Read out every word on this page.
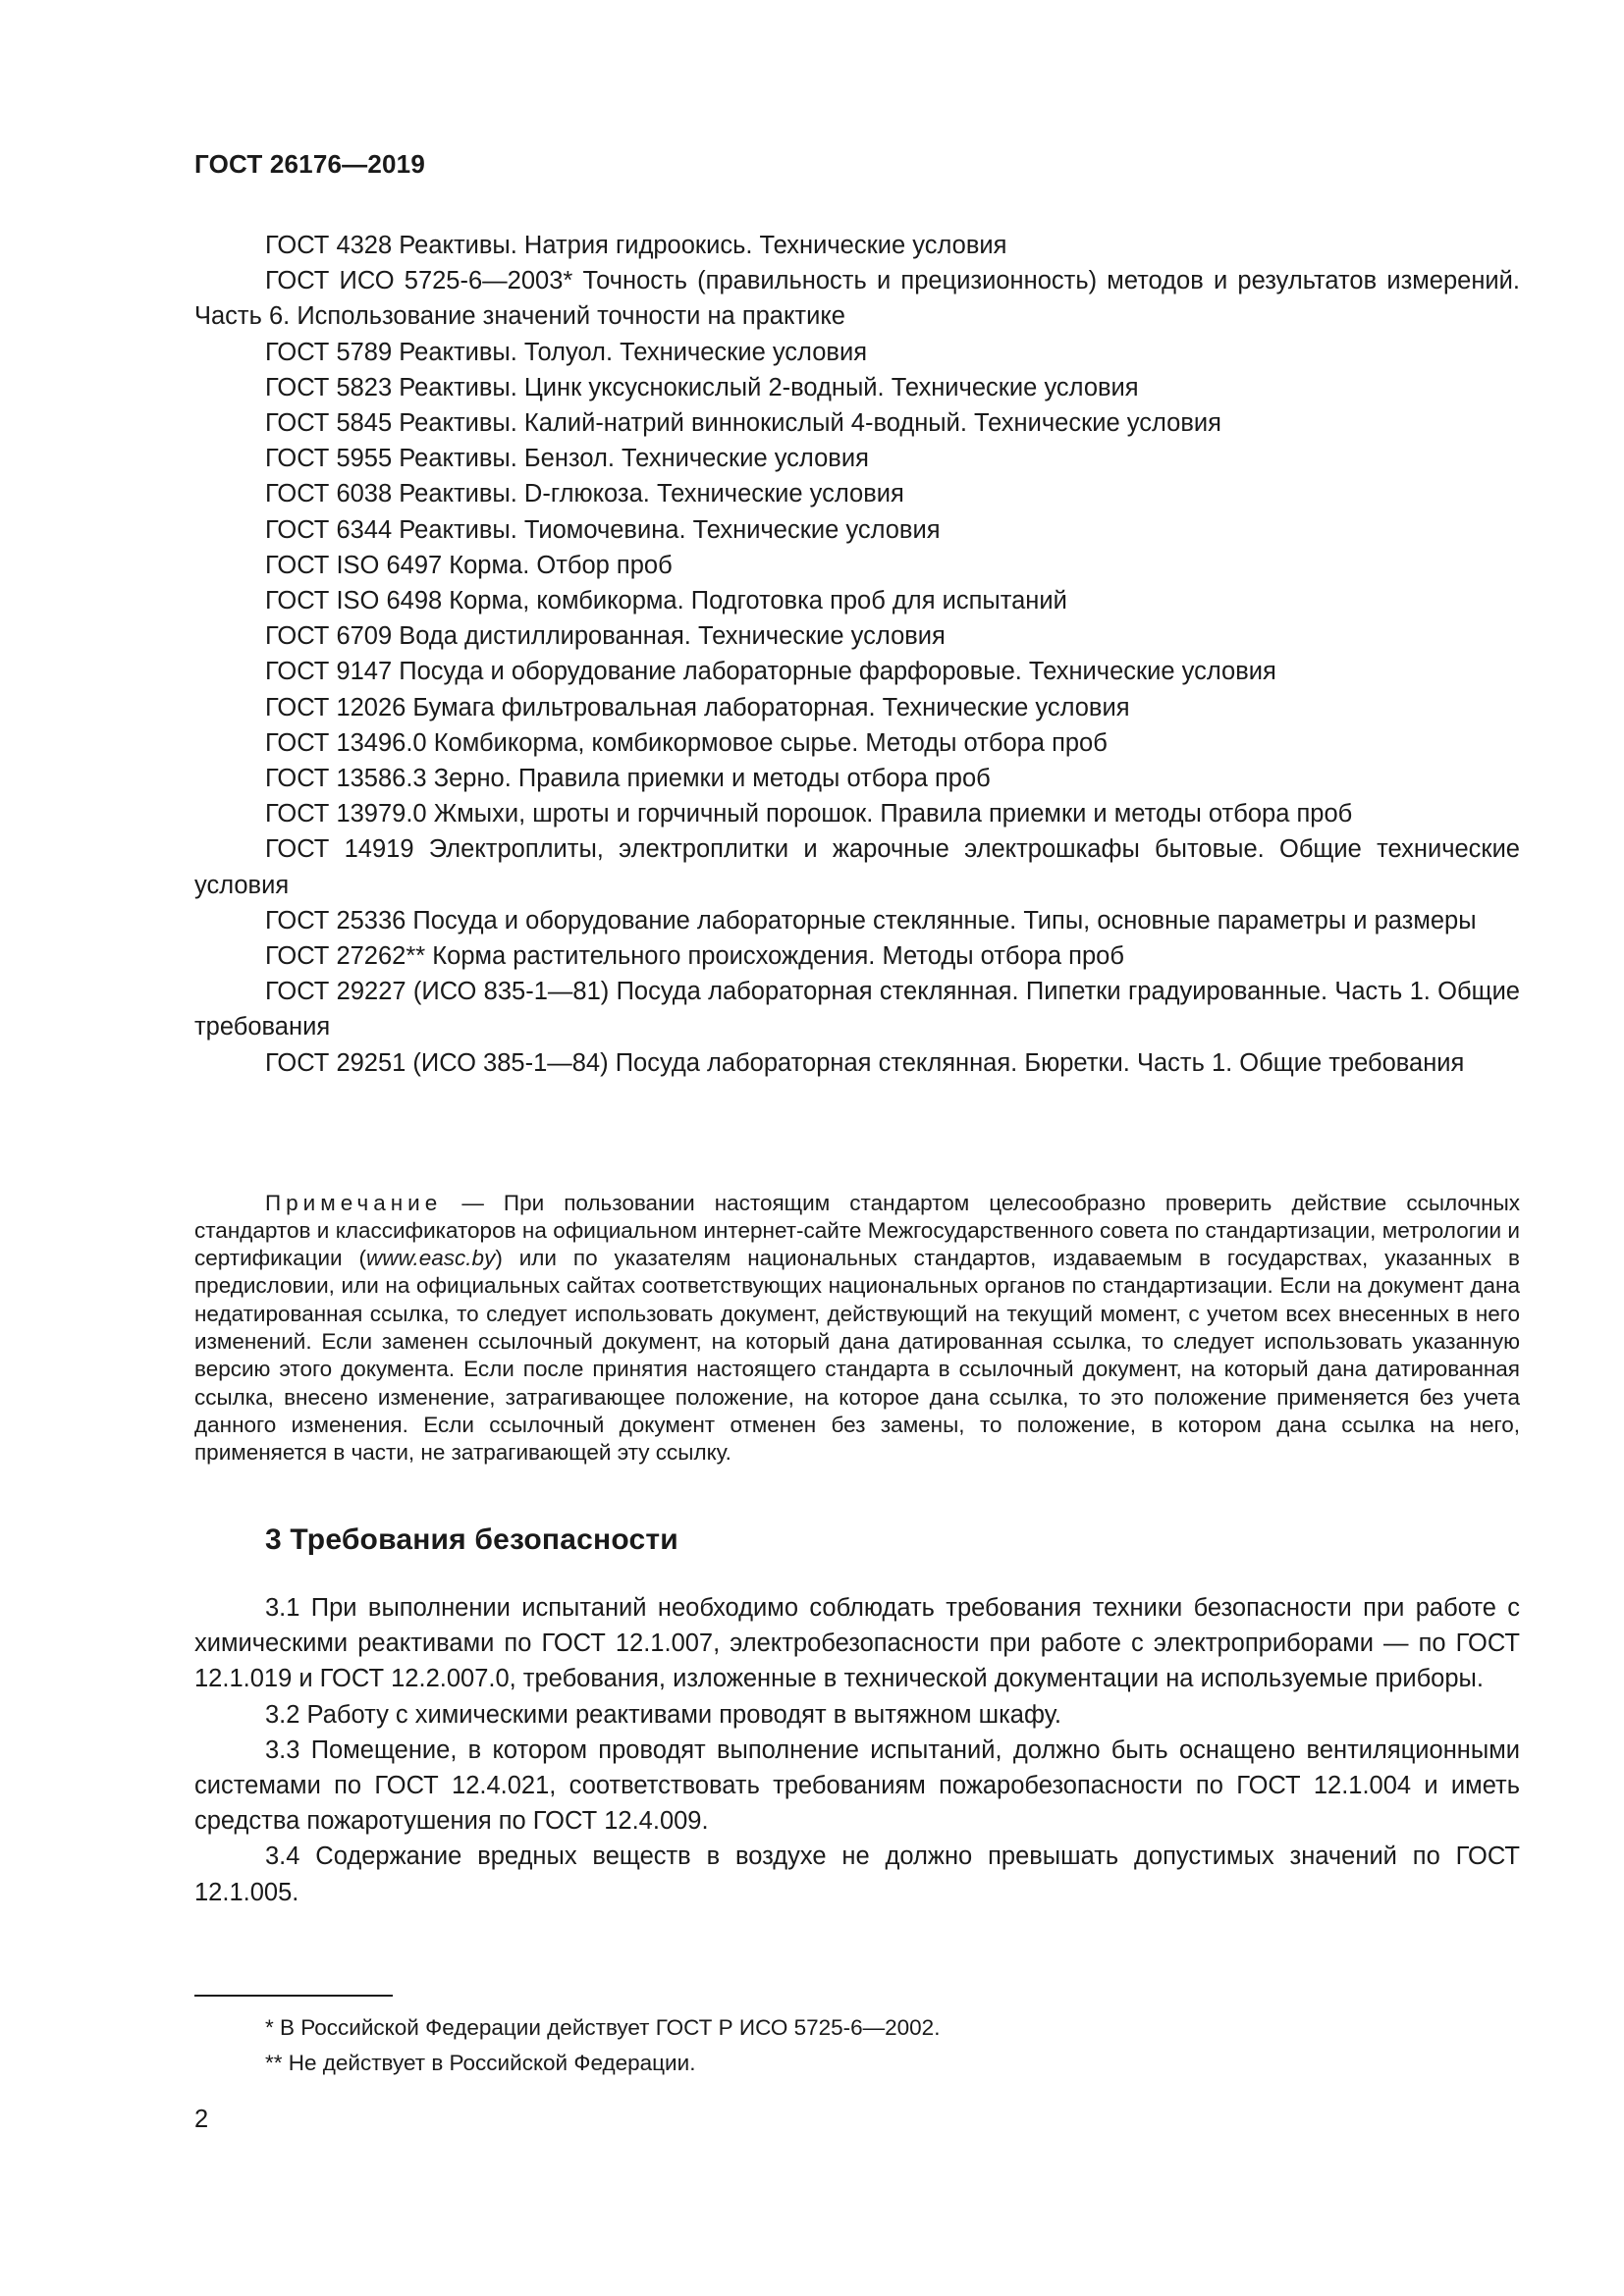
ГОСТ 26176—2019

ГОСТ 4328 Реактивы. Натрия гидроокись. Технические условия

ГОСТ ИСО 5725-6—2003* Точность (правильность и прецизионность) методов и результатов измерений. Часть 6. Использование значений точности на практике

ГОСТ 5789 Реактивы. Толуол. Технические условия

ГОСТ 5823 Реактивы. Цинк уксуснокислый 2-водный. Технические условия

ГОСТ 5845 Реактивы. Калий-натрий виннокислый 4-водный. Технические условия

ГОСТ 5955 Реактивы. Бензол. Технические условия

ГОСТ 6038 Реактивы. D-глюкоза. Технические условия

ГОСТ 6344 Реактивы. Тиомочевина. Технические условия

ГОСТ ISO 6497 Корма. Отбор проб

ГОСТ ISO 6498 Корма, комбикорма. Подготовка проб для испытаний

ГОСТ 6709 Вода дистиллированная. Технические условия

ГОСТ 9147 Посуда и оборудование лабораторные фарфоровые. Технические условия

ГОСТ 12026 Бумага фильтровальная лабораторная. Технические условия

ГОСТ 13496.0 Комбикорма, комбикормовое сырье. Методы отбора проб

ГОСТ 13586.3 Зерно. Правила приемки и методы отбора проб

ГОСТ 13979.0 Жмыхи, шроты и горчичный порошок. Правила приемки и методы отбора проб

ГОСТ 14919 Электроплиты, электроплитки и жарочные электрошкафы бытовые. Общие технические условия

ГОСТ 25336 Посуда и оборудование лабораторные стеклянные. Типы, основные параметры и размеры

ГОСТ 27262** Корма растительного происхождения. Методы отбора проб

ГОСТ 29227 (ИСО 835-1—81) Посуда лабораторная стеклянная. Пипетки градуированные. Часть 1. Общие требования

ГОСТ 29251 (ИСО 385-1—84) Посуда лабораторная стеклянная. Бюретки. Часть 1. Общие требования

Примечание — При пользовании настоящим стандартом целесообразно проверить действие ссылочных стандартов и классификаторов на официальном интернет-сайте Межгосударственного совета по стандартизации, метрологии и сертификации (www.easc.by) или по указателям национальных стандартов, издаваемым в государствах, указанных в предисловии, или на официальных сайтах соответствующих национальных органов по стандартизации. Если на документ дана недатированная ссылка, то следует использовать документ, действующий на текущий момент, с учетом всех внесенных в него изменений. Если заменен ссылочный документ, на который дана датированная ссылка, то следует использовать указанную версию этого документа. Если после принятия настоящего стандарта в ссылочный документ, на который дана датированная ссылка, внесено изменение, затрагивающее положение, на которое дана ссылка, то это положение применяется без учета данного изменения. Если ссылочный документ отменен без замены, то положение, в котором дана ссылка на него, применяется в части, не затрагивающей эту ссылку.

3 Требования безопасности

3.1 При выполнении испытаний необходимо соблюдать требования техники безопасности при работе с химическими реактивами по ГОСТ 12.1.007, электробезопасности при работе с электроприборами — по ГОСТ 12.1.019 и ГОСТ 12.2.007.0, требования, изложенные в технической документации на используемые приборы.

3.2 Работу с химическими реактивами проводят в вытяжном шкафу.

3.3 Помещение, в котором проводят выполнение испытаний, должно быть оснащено вентиляционными системами по ГОСТ 12.4.021, соответствовать требованиям пожаробезопасности по ГОСТ 12.1.004 и иметь средства пожаротушения по ГОСТ 12.4.009.

3.4 Содержание вредных веществ в воздухе не должно превышать допустимых значений по ГОСТ 12.1.005.

* В Российской Федерации действует ГОСТ Р ИСО 5725-6—2002.

** Не действует в Российской Федерации.

2
